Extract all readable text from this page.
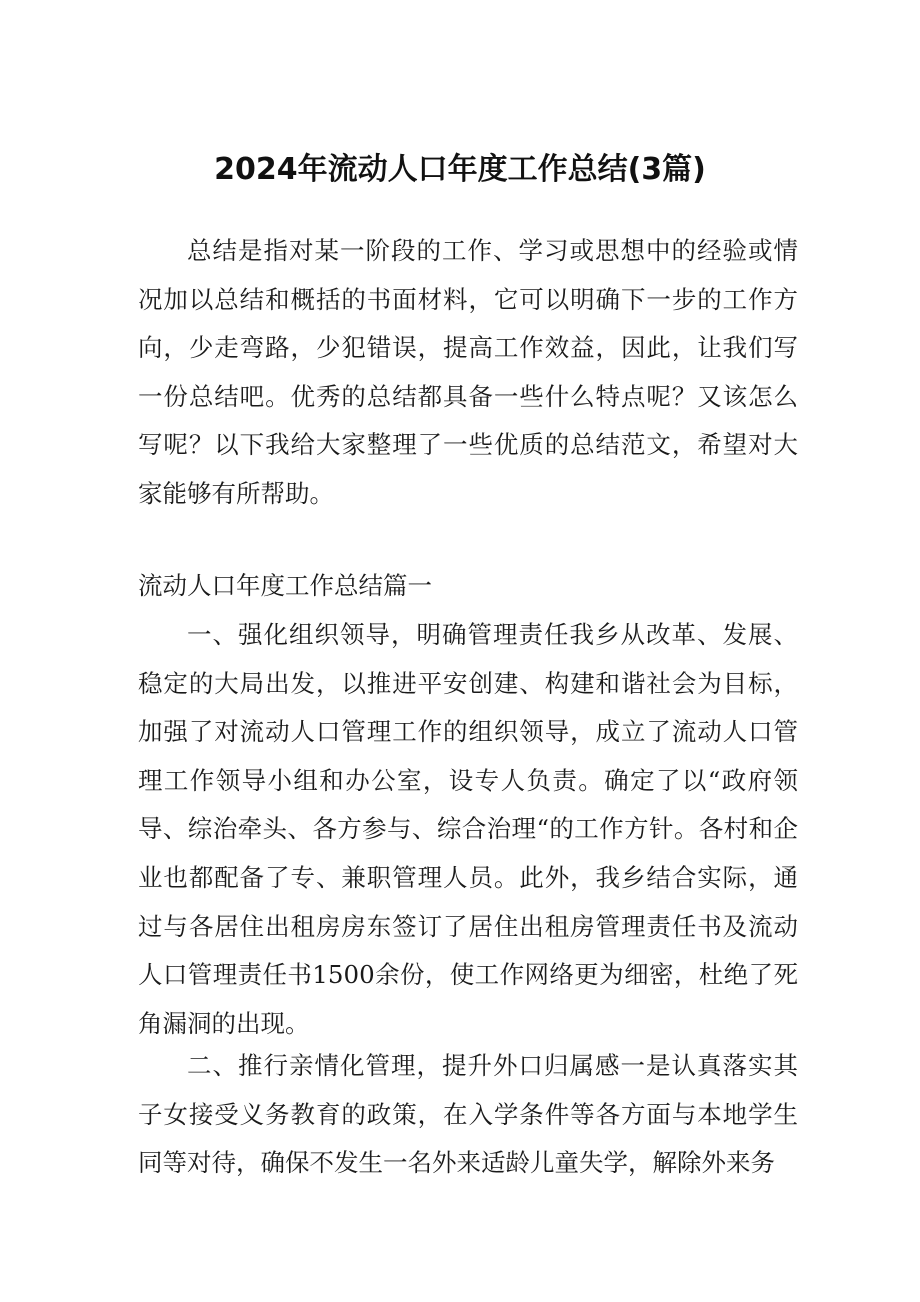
2024年流动人口年度工作总结(3篇)

总结是指对某一阶段的工作、学习或思想中的经验或情况加以总结和概括的书面材料，它可以明确下一步的工作方向，少走弯路，少犯错误，提高工作效益，因此，让我们写一份总结吧。优秀的总结都具备一些什么特点呢？又该怎么写呢？以下我给大家整理了一些优质的总结范文，希望对大家能够有所帮助。

流动人口年度工作总结篇一

一、强化组织领导，明确管理责任我乡从改革、发展、稳定的大局出发，以推进平安创建、构建和谐社会为目标，加强了对流动人口管理工作的组织领导，成立了流动人口管理工作领导小组和办公室，设专人负责。确定了以“政府领导、综治牵头、各方参与、综合治理“的工作方针。各村和企业也都配备了专、兼职管理人员。此外，我乡结合实际，通过与各居住出租房房东签订了居住出租房管理责任书及流动人口管理责任书1500余份，使工作网络更为细密，杜绝了死角漏洞的出现。

二、推行亲情化管理，提升外口归属感一是认真落实其子女接受义务教育的政策，在入学条件等各方面与本地学生同等对待，确保不发生一名外来适龄儿童失学，解除外来务
